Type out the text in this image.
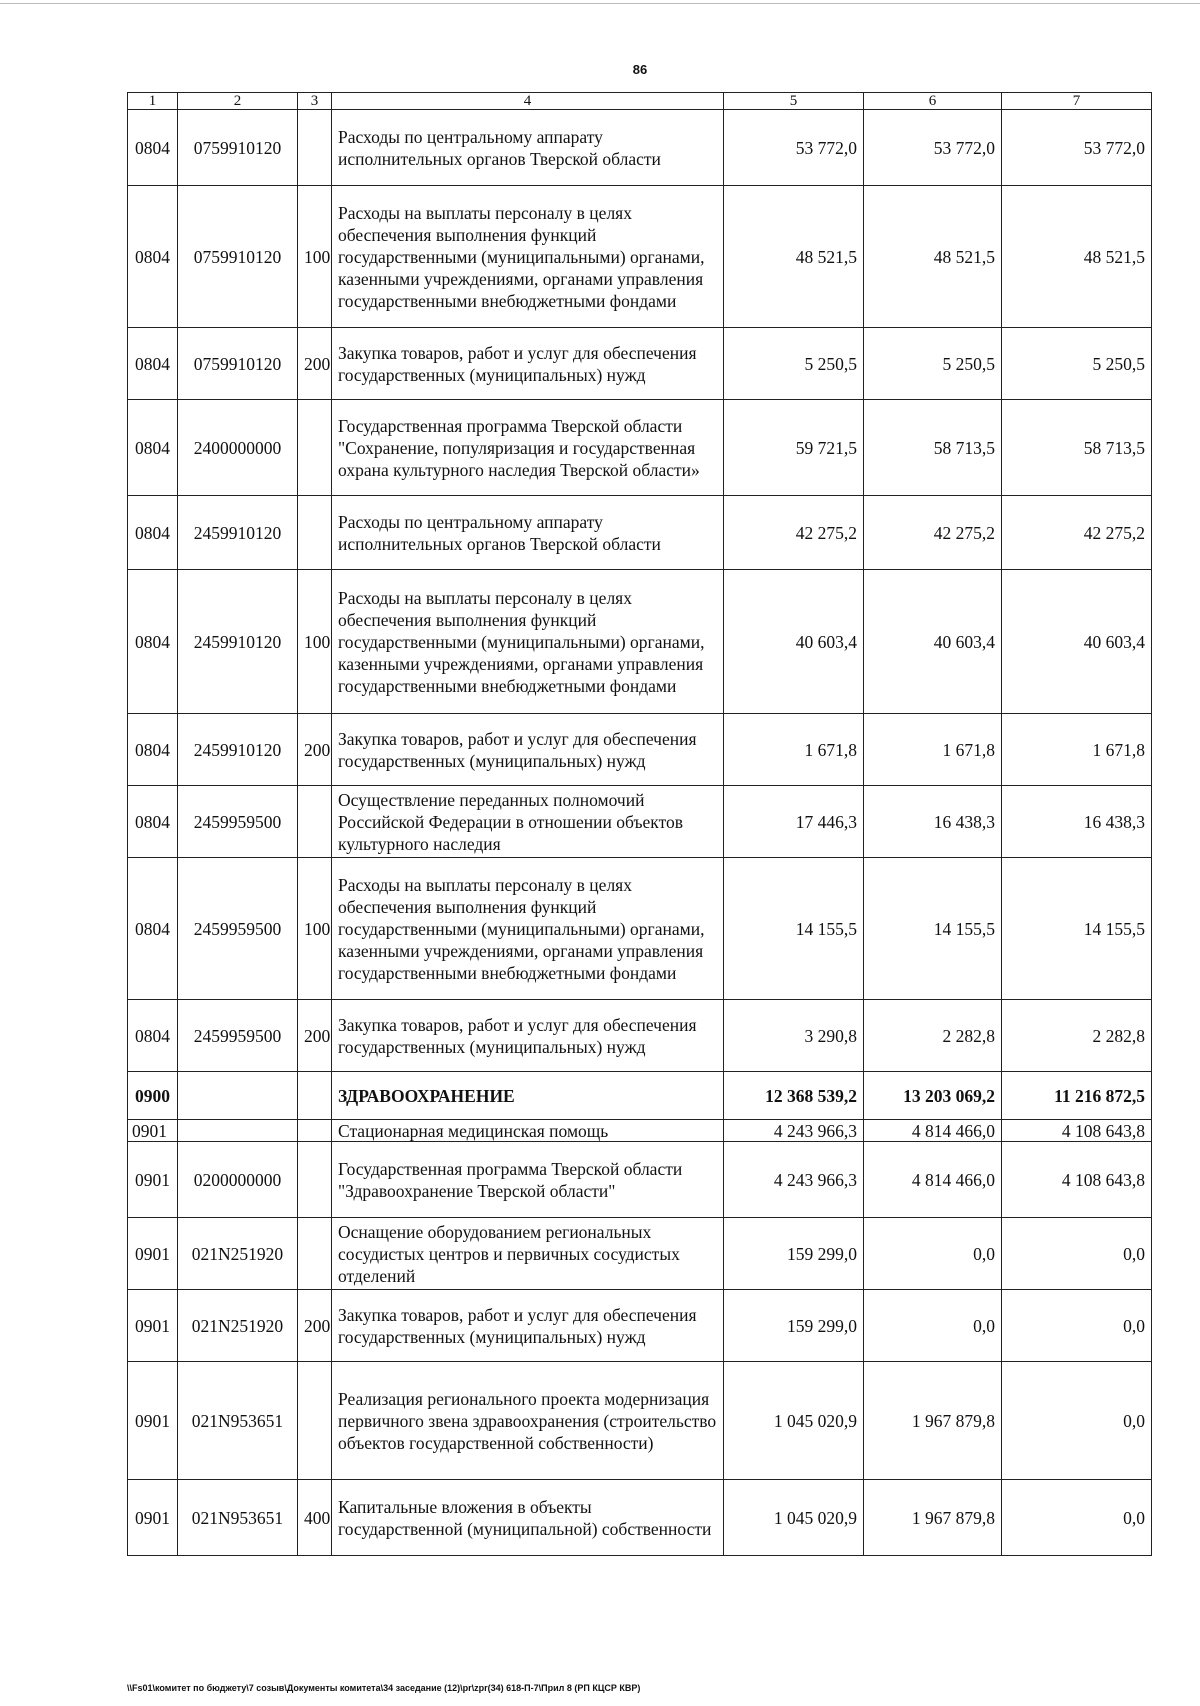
86
1	2	3	4	5	6	7
0804	0759910120		Расходы по центральному аппарату исполнительных органов Тверской области	53 772,0	53 772,0	53 772,0
0804	0759910120	100	Расходы на выплаты персоналу в целях обеспечения выполнения функций государственными (муниципальными) органами, казенными учреждениями, органами управления государственными внебюджетными фондами	48 521,5	48 521,5	48 521,5
0804	0759910120	200	Закупка товаров, работ и услуг для обеспечения государственных (муниципальных) нужд	5 250,5	5 250,5	5 250,5
0804	2400000000		Государственная программа Тверской области "Сохранение, популяризация и государственная охрана культурного наследия Тверской области»	59 721,5	58 713,5	58 713,5
0804	2459910120		Расходы по центральному аппарату исполнительных органов Тверской области	42 275,2	42 275,2	42 275,2
0804	2459910120	100	Расходы на выплаты персоналу в целях обеспечения выполнения функций государственными (муниципальными) органами, казенными учреждениями, органами управления государственными внебюджетными фондами	40 603,4	40 603,4	40 603,4
0804	2459910120	200	Закупка товаров, работ и услуг для обеспечения государственных (муниципальных) нужд	1 671,8	1 671,8	1 671,8
0804	2459959500		Осуществление переданных полномочий Российской Федерации в отношении объектов культурного наследия	17 446,3	16 438,3	16 438,3
0804	2459959500	100	Расходы на выплаты персоналу в целях обеспечения выполнения функций государственными (муниципальными) органами, казенными учреждениями, органами управления государственными внебюджетными фондами	14 155,5	14 155,5	14 155,5
0804	2459959500	200	Закупка товаров, работ и услуг для обеспечения государственных (муниципальных) нужд	3 290,8	2 282,8	2 282,8
0900			ЗДРАВООХРАНЕНИЕ	12 368 539,2	13 203 069,2	11 216 872,5
0901			Стационарная медицинская помощь	4 243 966,3	4 814 466,0	4 108 643,8
0901	0200000000		Государственная программа Тверской области "Здравоохранение Тверской области"	4 243 966,3	4 814 466,0	4 108 643,8
0901	021N251920		Оснащение оборудованием региональных сосудистых центров и первичных сосудистых отделений	159 299,0	0,0	0,0
0901	021N251920	200	Закупка товаров, работ и услуг для обеспечения государственных (муниципальных) нужд	159 299,0	0,0	0,0
0901	021N953651		Реализация регионального проекта модернизация первичного звена здравоохранения (строительство объектов государственной собственности)	1 045 020,9	1 967 879,8	0,0
0901	021N953651	400	Капитальные вложения в объекты государственной (муниципальной) собственности	1 045 020,9	1 967 879,8	0,0
\\Fs01\комитет по бюджету\7 созыв\Документы комитета\34 заседание (12)\pr\zpr(34) 618-П-7\Прил 8 (РП КЦСР КВР)
